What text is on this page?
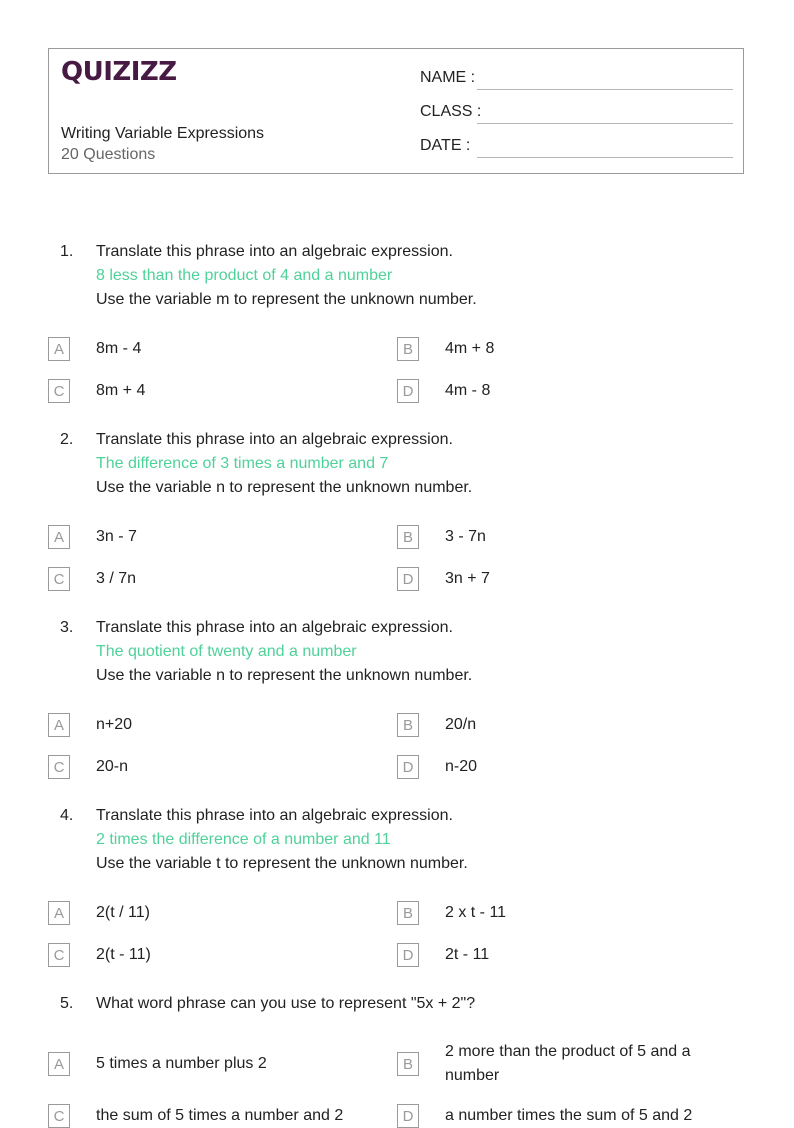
QUIZIZZ
Writing Variable Expressions
20 Questions
NAME :
CLASS :
DATE :
1. Translate this phrase into an algebraic expression.
8 less than the product of 4 and a number
Use the variable m to represent the unknown number.
A	8m - 4	B	4m + 8
C	8m + 4	D	4m - 8
2. Translate this phrase into an algebraic expression.
The difference of 3 times a number and 7
Use the variable n to represent the unknown number.
A	3n - 7	B	3 - 7n
C	3 / 7n	D	3n + 7
3. Translate this phrase into an algebraic expression.
The quotient of twenty and a number
Use the variable n to represent the unknown number.
A	n+20	B	20/n
C	20-n	D	n-20
4. Translate this phrase into an algebraic expression.
2 times the difference of a number and 11
Use the variable t to represent the unknown number.
A	2(t / 11)	B	2 x t - 11
C	2(t - 11)	D	2t - 11
5. What word phrase can you use to represent "5x + 2"?
A	5 times a number plus 2	B
2 more than the product of 5 and a number
C	the sum of 5 times a number and 2	D	a number times the sum of 5 and 2
